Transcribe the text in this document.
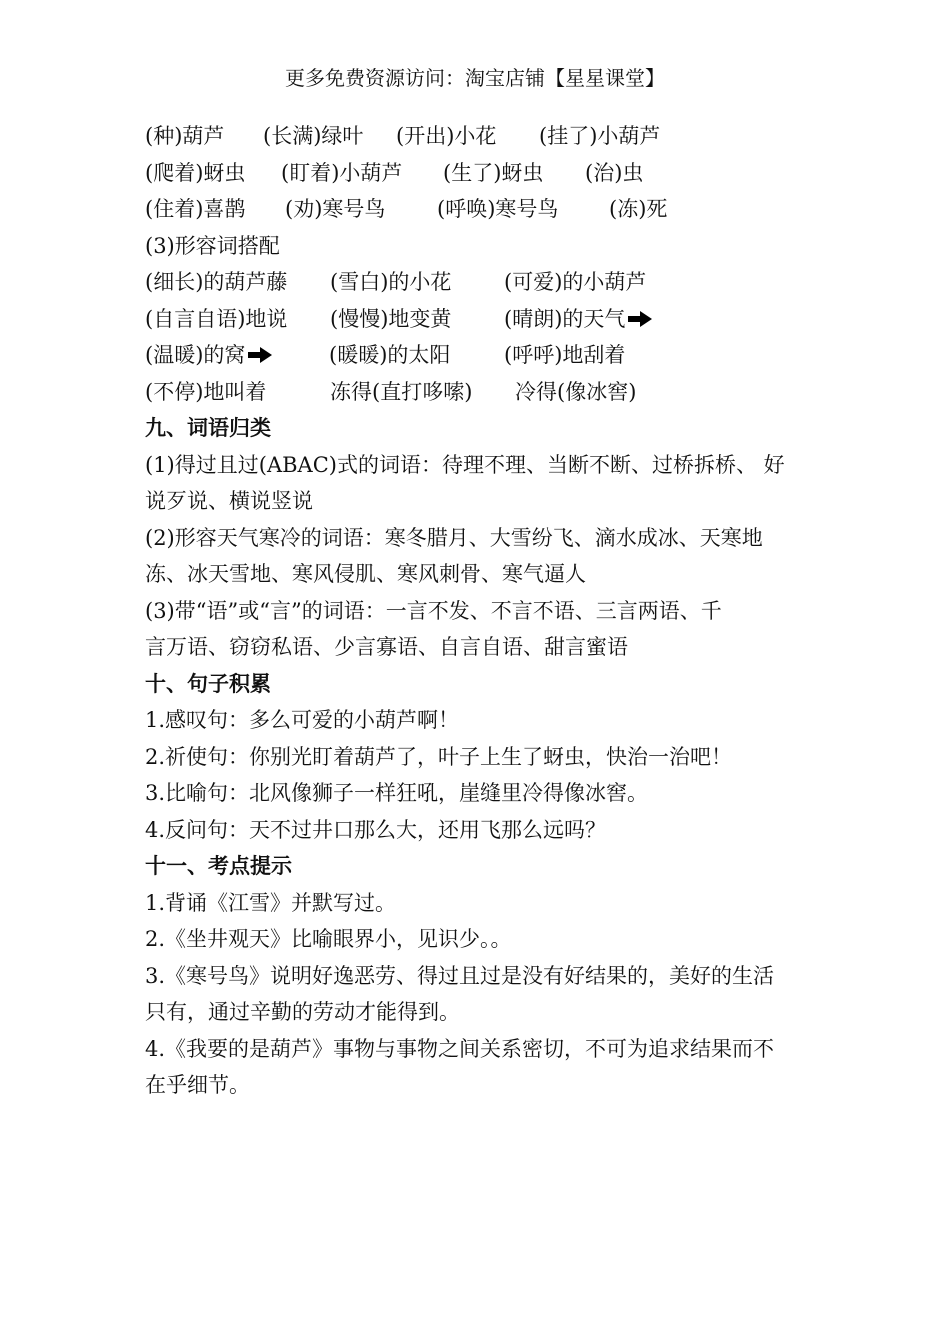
更多免费资源访问：淘宝店铺【星星课堂】
(种)葫芦 (长满)绿叶 (开出)小花 (挂了)小葫芦
(爬着)蚜虫 (盯着)小葫芦 (生了)蚜虫 (治)虫
(住着)喜鹊 (劝)寒号鸟 (呼唤)寒号鸟 (冻)死
(3)形容词搭配
(细长)的葫芦藤 (雪白)的小花	(可爱)的小葫芦
(自言自语)地说 (慢慢)地变黄	(晴朗)的天气
(温暖)的窝	(暖暖)的太阳	(呼呼)地刮着
(不停)地叫着	冻得(直打哆嗦) 冷得(像冰窖)
九、词语归类
(1)得过且过(ABAC)式的词语：待理不理、当断不断、过桥拆桥、 好
说歹说、横说竖说
(2)形容天气寒冷的词语：寒冬腊月、大雪纷飞、滴水成冰、天寒地
冻、冰天雪地、寒风侵肌、寒风刺骨、寒气逼人
(3)带“语”或“言”的词语：一言不发、不言不语、三言两语、千
言万语、窃窃私语、少言寡语、自言自语、甜言蜜语
十、句子积累
1.感叹句：多么可爱的小葫芦啊！
2.祈使句：你别光盯着葫芦了，叶子上生了蚜虫，快治一治吧！
3.比喻句：北风像狮子一样狂吼，崖缝里冷得像冰窖。
4.反问句：天不过井口那么大，还用飞那么远吗？
十一、考点提示
1.背诵《江雪》并默写过。
2.《坐井观天》比喻眼界小，见识少。。
3.《寒号鸟》说明好逸恶劳、得过且过是没有好结果的，美好的生活
只有，通过辛勤的劳动才能得到。
4.《我要的是葫芦》事物与事物之间关系密切，不可为追求结果而不
在乎细节。
